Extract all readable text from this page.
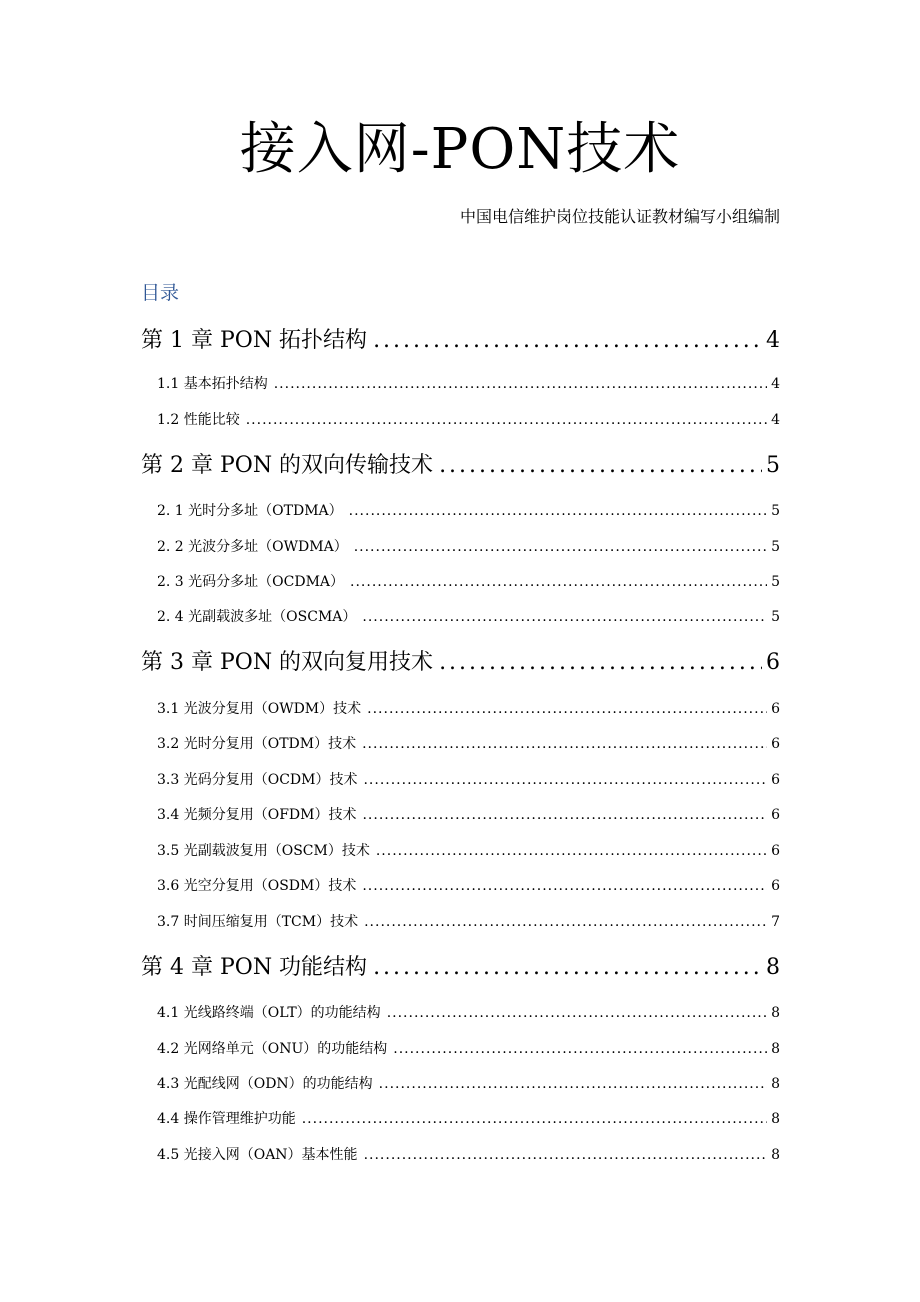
接入网-PON技术

中国电信维护岗位技能认证教材编写小组编制

目录
第 1 章 PON 拓扑结构 .....	4
1.1 基本拓扑结构 .....	4
1.2 性能比较 .....	4
第 2 章 PON 的双向传输技术 .....	5
2. 1 光时分多址（OTDMA） .....	5
2. 2 光波分多址（OWDMA） .....	5
2. 3 光码分多址（OCDMA） .....	5
2. 4 光副载波多址（OSCMA） .....	5
第 3 章 PON 的双向复用技术 .....	6
3.1 光波分复用（OWDM）技术 .....	6
3.2 光时分复用（OTDM）技术 .....	6
3.3 光码分复用（OCDM）技术 .....	6
3.4 光频分复用（OFDM）技术 .....	6
3.5 光副载波复用（OSCM）技术 .....	6
3.6 光空分复用（OSDM）技术 .....	6
3.7 时间压缩复用（TCM）技术 .....	7
第 4 章 PON 功能结构 .....	8
4.1 光线路终端（OLT）的功能结构 .....	8
4.2 光网络单元（ONU）的功能结构 .....	8
4.3 光配线网（ODN）的功能结构 .....	8
4.4 操作管理维护功能 .....	8
4.5 光接入网（OAN）基本性能 .....	8
